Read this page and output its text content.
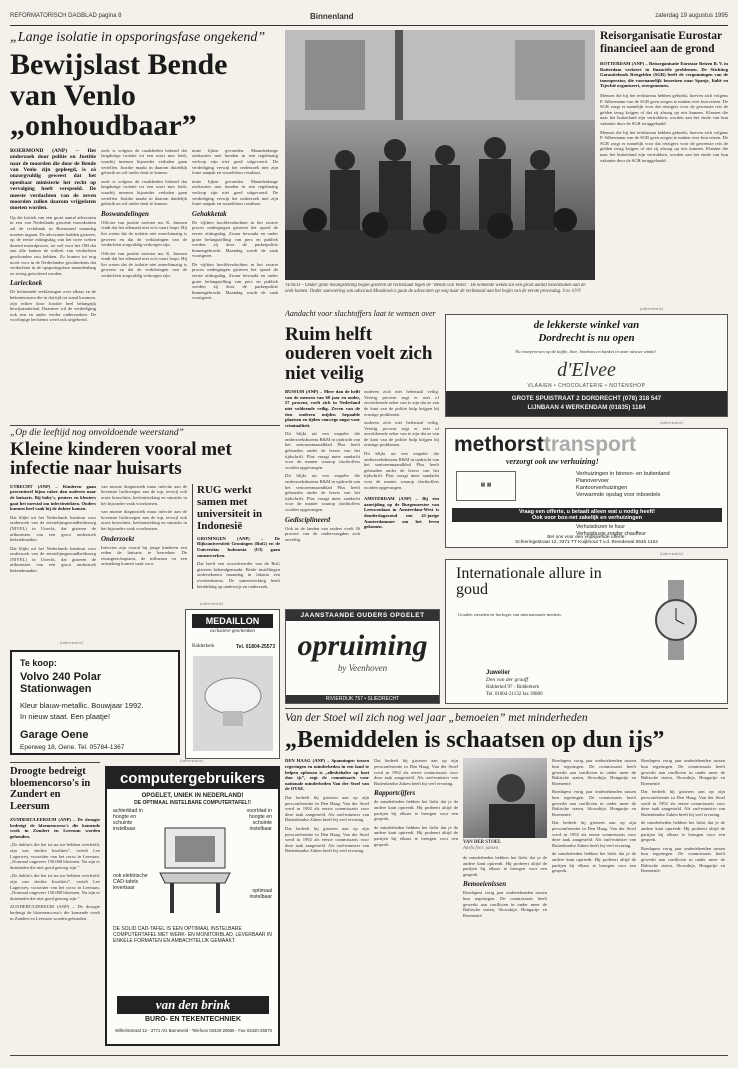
REFORMATORISCH DAGBLAD pagina 8	Binnenland	zaterdag 19 augustus 1995
„Lange isolatie in opsporingsfase ongekend”
Bewijslast Bende van Venlo „onhoudbaar”
ROERMOND (ANP) – Het onderzoek door politie en Justitie naar de moorden die door de Bende van Venlo zijn gepleegd, is zó onzorgvuldig geweest dat het openbaar ministerie het recht op vervolging heeft verspeeld. De meeste verdachten van de zeven moorden zullen daarom vrijgelaten moeten worden.
Op die kritiek van een groot aantal advocaten in een van Nederlands grootste moordzaken zal de rechtbank in Roermond maandag moeten ingaan. De advocaten hadden gisteren, op de eerste zittingsdag van het twee weken durend moordproces, tot wel voor het OM dat aan alle kanten de ruiltest van verdachten geschonden zou hebben. Zo komen tot nog nooit voor in de Nederlandse geschiedenis dat verdachten in de opsporingsfase maandenlang zo streng geïsoleerd werden.
Larieckoek
De belastende verklaringen over elkaar en de bekentenissen die in dat tijd tot stand kwamen, zijn echter door Justitie heel belangrijk bewijsmateriaal. Daarmee wil de verdediging ook een en ander verder onderzoeken. De voorlopige hechtenis werd ook uitgebreid.
zoek is volgens de raadsheden bekend dat langdurige isolatie tot een soort mes leidt, waarbij mensen bijzonder verhalen gaan vertellen. Justitie maakt in daarom duidelijk gebruik en wil onder druk te komen.
zoek is volgens de raadsheden bekend dat langdurige isolatie tot een soort mes leidt, waarbij mensen bijzonder verhalen gaan vertellen. Justitie maakt in daarom duidelijk gebruik en wil onder druk te komen.
Boswandelingen
Officier van justitie meester mr. K. Janssen vindt dat het allemaal niet zo'n vaart loopt. Hij liet weten dat de isolatie niet onrechtmatig is geweest en dat de verklaringen van de verdachten zorgvuldig verkregen zijn.
Officier van justitie meester mr. K. Janssen vindt dat het allemaal niet zo'n vaart loopt. Hij liet weten dat de isolatie niet onrechtmatig is geweest en dat de verklaringen van de verdachten zorgvuldig verkregen zijn.
ninie lijken gevonden. Maandenlange zoekacties met honden in een regelmatig verloop zijn niet goed uitgevoerd. De verdediging verwijt het onderzoek met zijn foute aanpak en waardeloos resultaat.
ninie lijken gevonden. Maandenlange zoekacties met honden in een regelmatig verloop zijn niet goed uitgevoerd. De verdediging verwijt het onderzoek met zijn foute aanpak en waardeloos resultaat.
Gehakketak
De vijftien hoofdverdachten in het zwarte proces ondergingen gisteren het spoed de eerste zittingsdag. Zwaar bewaakt en onder grote belangstelling van pers en publiek werden zij door de parketpolitie binnengebracht. Maandag wordt de zaak voortgezet.
De vijftien hoofdverdachten in het zwarte proces ondergingen gisteren het spoed de eerste zittingsdag. Zwaar bewaakt en onder grote belangstelling van pers en publiek werden zij door de parketpolitie binnengebracht. Maandag wordt de zaak voortgezet.
VENLO – Onder grote belangstelling begon gisteren de rechtszaak tegen de "Bende van Venlo". De komende weken zal een groot aantal moordzaken aan de orde komen. Onder aanvoering van advocaat Moszkowicz gaan de advocaten op weg naar de rechtszaal aan het begin van de eerste procesdag. foto ANP
Reisorganisatie Eurostar financieel aan de grond
ROTTERDAM (ANP) – Reisorganisatie Eurostar Reizen B. V. in Rotterdam verkeert in financiële problemen. De Stichting Garantiefonds Reisgelden (SGR) heeft de vergunningen van de touroperator, die voornamelijk busreizen naar Spanje, Italië en Tsjechië organiseert, overgenomen.
Mensen die bij het reisbureau hebben geboekt, hoeven zich volgens P. Silbermann van de SGR geen zorgen te maken over hun reizen. De SGR zorgt er namelijk voor dat reizigers voor de gewenste reis de gelden terug krijgen of dat zij alsnog op reis kunnen. Klanten die naar het buitenland zijn vertrokken, worden aan het einde van hun vakantie door de SGR teruggehaald.
Mensen die bij het reisbureau hebben geboekt, hoeven zich volgens P. Silbermann van de SGR geen zorgen te maken over hun reizen. De SGR zorgt er namelijk voor dat reizigers voor de gewenste reis de gelden terug krijgen of dat zij alsnog op reis kunnen. Klanten die naar het buitenland zijn vertrokken, worden aan het einde van hun vakantie door de SGR teruggehaald.
(advertentie)
de lekkerste winkel van
Dordrecht is nu open
Nu voorproeven op de koffie, thee, bonbons en banket in onze nieuwe winkel.
d'Elvee
VLAAIEN • CHOCOLATERIE • NOTENSHOP
GROTE SPUISTRAAT 2 DORDRECHT (078) 318 547
LIJNBAAN 4 WERKENDAM (01835) 1184
Aandacht voor slachtoffers laat te wensen over
Ruim helft ouderen voelt zich niet veilig
BUSSUM (ANP) – Meer dan de helft van de mensen van 60 jaar en ouder, 57 procent, voelt zich in Nederland niet voldoende veilig. Zeven van de tien ouderen mijden bepaalde plaatsen en tijden vanwege angst voor criminaliteit.
Dit blijkt uit een enquête die onderzoeksbureau R&M in opdracht van het seniorenmaandblad Plus heeft gehouden onder de lezers van het tijdschrift. Plus vraagt meer aandacht voor de manier waarop slachtoffers worden opgevangen.
Dit blijkt uit een enquête die onderzoeksbureau R&M in opdracht van het seniorenmaandblad Plus heeft gehouden onder de lezers van het tijdschrift. Plus vraagt meer aandacht voor de manier waarop slachtoffers worden opgevangen.
Gedisciplineerd
Ook in de landen van ouders voelt 36 procent van de ondervraagden zich onveilig.
ouderen zich niet helemaal veilig. Veertig procent zegt er niet of onvoldoende zeker van te zijn dat ze van de kant van de politie hulp krijgen bij ernstige problemen.
ouderen zich niet helemaal veilig. Veertig procent zegt er niet of onvoldoende zeker van te zijn dat ze van de kant van de politie hulp krijgen bij ernstige problemen.
Dit blijkt uit een enquête die onderzoeksbureau R&M in opdracht van het seniorenmaandblad Plus heeft gehouden onder de lezers van het tijdschrift. Plus vraagt meer aandacht voor de manier waarop slachtoffers worden opgevangen.
AMSTERDAM (ANP) – Bij een aanrijding op de Burgemeester van Leeuwenlaan in Amsterdam-West is donderdagavond een 41-jarige Amsterdammer om het leven gekomen.
(advertentie)
methorsttransport
verzorgt ook uw verhuizing!
▦ ▦
Verhuizingen in binnen- en buitenland
Pianovervoer
Kantoorverhuizingen
Verwarmde opslag voor inboedels
Vraag een offerte, u betaalt alleen wat u nodig heeft!
Ook voor box-net zakelijk en verhuizingen
Verhuisdozen te huur
Verhuisbusje zonder chauffeur
Bel ons voor een vrijblijvende offerte:
Schieringestraat 12, 3371 TT Kuijkhout T.v.d. Breedewal 8546 1152
„Op die leeftijd nog onvoldoende weerstand”
Kleine kinderen vooral met infectie naar huisarts
UTRECHT (ANP) – Kinderen gaan procentueel bijna vaker dan ouderen naar de huisarts. Bij baby's, peuters en kleuters gaat het meestal om infectieziekten. Ouders kunnen heel vaak bij de dokter komen.
Dat blijkt uit het Nederlands Instituut voor onderzoek van de eerstelijnsgezondheidszorg (NIVEL) in Utrecht, dat gisteren de uitkomsten van een groot onderzoek bekendmaakte.
Dat blijkt uit het Nederlands Instituut voor onderzoek van de eerstelijnsgezondheidszorg (NIVEL) in Utrecht, dat gisteren de uitkomsten van een groot onderzoek bekendmaakte.
van minste diagnostiek maar infectie aan de bovenste luchtwegen aan de top, terwijl ook acute bronchitis, keelontsteking en sinusitis in het bijzonder vaak voorkomen.
van minste diagnostiek maar infectie aan de bovenste luchtwegen aan de top, terwijl ook acute bronchitis, keelontsteking en sinusitis in het bijzonder vaak voorkomen.
Onderzoekt
Infecties zijn vooral bij jonge kinderen een reden de huisarts te bezoeken. De zwangerschapstest, de influenza en een ontsteking komen vaak voor.
RUG werkt samen met universiteit in Indonesië
GRONINGEN (ANP) – De Rijksuniversiteit Groningen (RuG) en de Universitas Indonesia (UI) gaan samenwerken.
Dat heeft een woordvoerder van de RuG gisteren bekendgemaakt. Beide instellingen ondertekenen maandag in Jakarta een overeenkomst. De samenwerking heeft betrekking op onderwijs en onderzoek.
(advertentie)
MEDAILLON
exclusieve geschenken
Tel. 01804-25573
Ridderkerk
JAANSTAANDE OUDERS OPGELET
opruiming
by Veenhoven
RIVIERDIJK 757 • SLIEDRECHT
(advertentie)
Internationale allure in goud
Gouden sieraden en horloges van internationale merken.
Juwelier
Den van der graaff
Ridderhof 97 - Ridderkerk
Tel. 01804-21132 fax 39800
(advertentie)
Te koop:
Volvo 240 Polar Stationwagen
Kleur blauw-metallic. Bouwjaar 1992.
In nieuw staat. Een plaatje!
Garage Oene
Eperweg 18, Oene. Tel. 05784-1367
Van der Stoel wil zich nog wel jaar „bemoeien” met minderheden
„Bemiddelen is schaatsen op dun ijs”
DEN HAAG (ANP) – Spanningen tussen regeringen en minderheden in een land te helpen oplossen is „allesbehalve op hoei dun ijs”, zegt de commissaris voor nationale minderheden Van der Stoel van de OVSE.
Dat bedeelt hij gisteren aan op zijn persconferentie in Den Haag. Van der Stoel werd in 1992 als eerste commissaris voor deze taak aangesteld. Als oud-minister van Buitenlandse Zaken heeft hij veel ervaring.
Dat bedeelt hij gisteren aan op zijn persconferentie in Den Haag. Van der Stoel werd in 1992 als eerste commissaris voor deze taak aangesteld. Als oud-minister van Buitenlandse Zaken heeft hij veel ervaring.
Dat bedeelt hij gisteren aan op zijn persconferentie in Den Haag. Van der Stoel werd in 1992 als eerste commissaris voor deze taak aangesteld. Als oud-minister van Buitenlandse Zaken heeft hij veel ervaring.
Rapportcijfers
de minderheden hebben het liefst dat je de andere kant optreedt. Hij probeert altijd de partijen bij elkaar te brengen voor een gesprek.
de minderheden hebben het liefst dat je de andere kant optreedt. Hij probeert altijd de partijen bij elkaar te brengen voor een gesprek.	VAN DER STOEL
Anefo foto: jansen
de minderheden hebben het liefst dat je de andere kant optreedt. Hij probeert altijd de partijen bij elkaar te brengen voor een gesprek.
Bemoeienissen
Boedapest vorig jaar ondertekenden tussen hun regeringen. De commissaris heeft gewerkt aan conflicten in onder meer de Baltische staten, Slowakije, Hongarije en Roemenië.
Boedapest vorig jaar ondertekenden tussen hun regeringen. De commissaris heeft gewerkt aan conflicten in onder meer de Baltische staten, Slowakije, Hongarije en Roemenië.
Boedapest vorig jaar ondertekenden tussen hun regeringen. De commissaris heeft gewerkt aan conflicten in onder meer de Baltische staten, Slowakije, Hongarije en Roemenië.
Dat bedeelt hij gisteren aan op zijn persconferentie in Den Haag. Van der Stoel werd in 1992 als eerste commissaris voor deze taak aangesteld. Als oud-minister van Buitenlandse Zaken heeft hij veel ervaring.
de minderheden hebben het liefst dat je de andere kant optreedt. Hij probeert altijd de partijen bij elkaar te brengen voor een gesprek.
Boedapest vorig jaar ondertekenden tussen hun regeringen. De commissaris heeft gewerkt aan conflicten in onder meer de Baltische staten, Slowakije, Hongarije en Roemenië.
Dat bedeelt hij gisteren aan op zijn persconferentie in Den Haag. Van der Stoel werd in 1992 als eerste commissaris voor deze taak aangesteld. Als oud-minister van Buitenlandse Zaken heeft hij veel ervaring.
de minderheden hebben het liefst dat je de andere kant optreedt. Hij probeert altijd de partijen bij elkaar te brengen voor een gesprek.
Boedapest vorig jaar ondertekenden tussen hun regeringen. De commissaris heeft gewerkt aan conflicten in onder meer de Baltische staten, Slowakije, Hongarije en Roemenië.
Droogte bedreigt bloemencorso's in Zundert en Leersum
ZUNDERT/LEERSUM (ANP) – De droogte bedreigt de bloemencorso's die komende week in Zundert en Leersum worden gehouden.
„De dahlia's die het tot nu toe hebben overleefd, zijn van slechte kwaliteit”, vertelt Lee Lagerwey, voorzitter van het corso in Leersum. „Normaal ongeveer 150.000 bloemen. Nu zijn er duizenden die niet goed genoeg zijn.”
„De dahlia's die het tot nu toe hebben overleefd, zijn van slechte kwaliteit”, vertelt Lee Lagerwey, voorzitter van het corso in Leersum. „Normaal ongeveer 150.000 bloemen. Nu zijn er duizenden die niet goed genoeg zijn.”
ZUNDERT/LEERSUM (ANP) – De droogte bedreigt de bloemencorso's die komende week in Zundert en Leersum worden gehouden.
(advertentie)
computergebruikers
OPGELET, UNIEK IN NEDERLAND!
DE OPTIMAAL INSTELBARE COMPUTERTAFEL!!
achterblad in hoogte en schuinte instelbaar
voorblad in hoogte en schuinte instelbaar
ook elektrische CAD-tafels leverbaar	optimaal instelbaar
DE SOLID CAD-TAFEL IS EEN OPTIMAAL INSTELBARE COMPUTERTAFEL MET WERK- EN MONITORBLAD, LEVERBAAR IN ENKELE FORMATEN EN AMBACHTELIJK GEMAAKT.
van den brink
BURO- EN TEKENTECHNIEK
Wilhelmstraat 12 - 3771 AG Barneveld - Telefoon 03420-20655 - Fax 03420-25570
